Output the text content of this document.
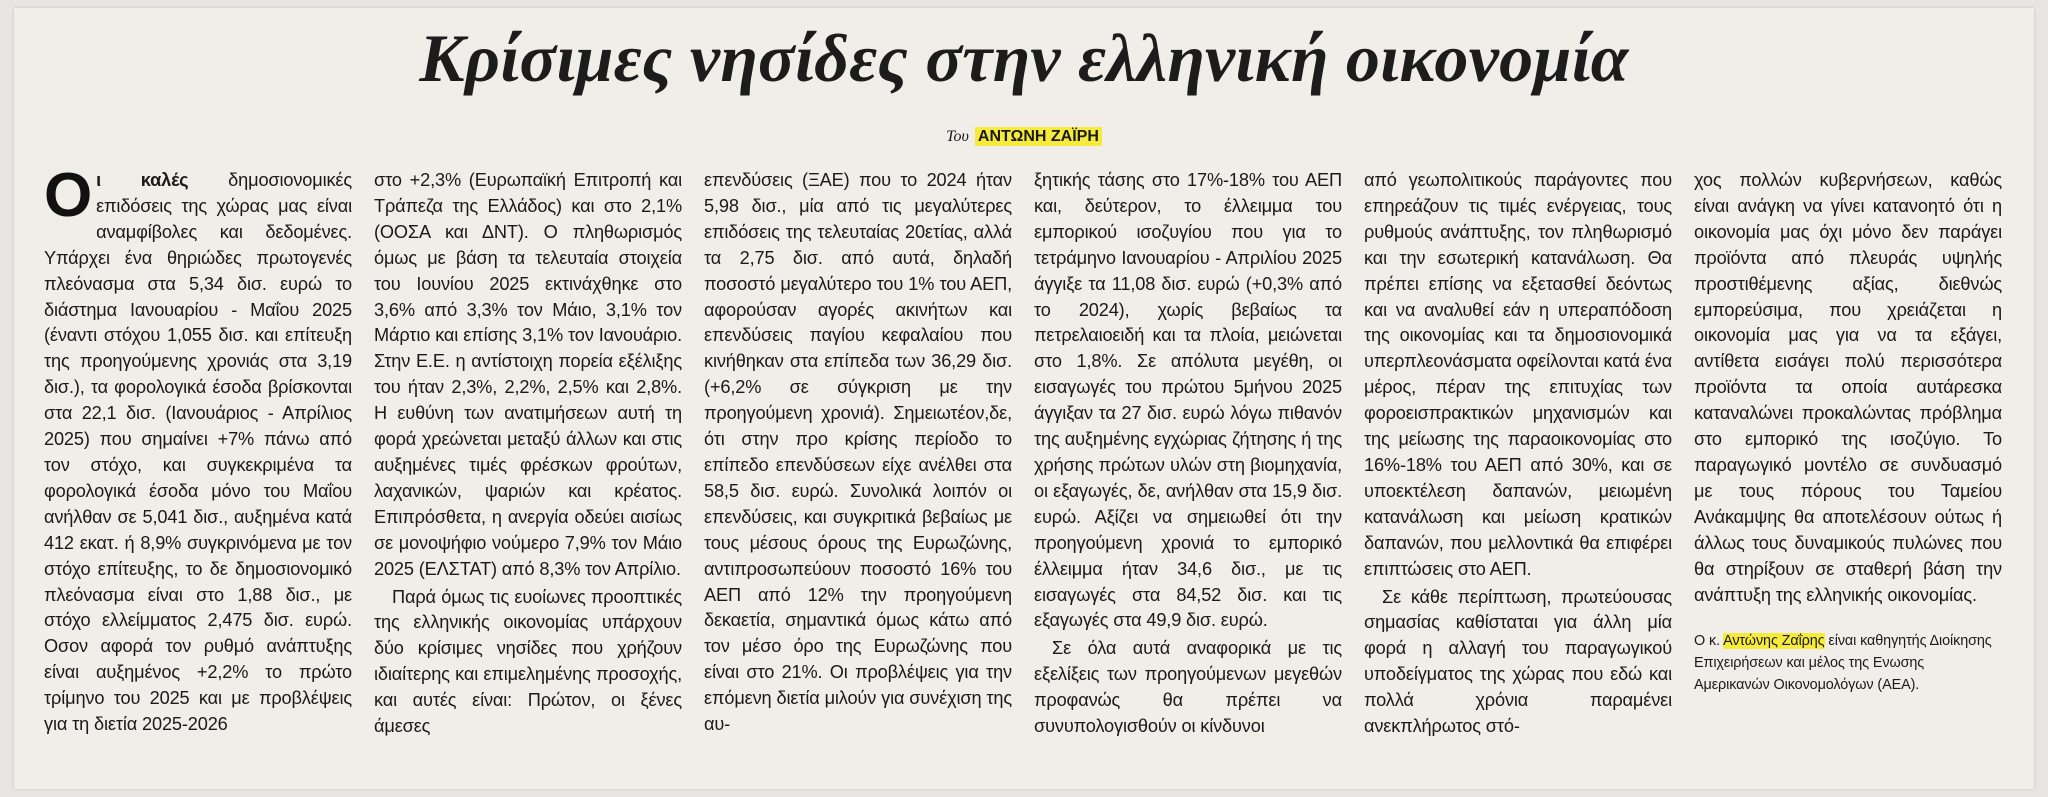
Κρίσιμες νησίδες στην ελληνική οικονομία
Του ΑΝΤΩΝΗ ΖΑΪΡΗ

Ο ι καλές δημοσιονομικές επιδόσεις της χώρας μας είναι αναμφίβολες και δεδομένες. Υπάρχει ένα θηριώδες πρωτογενές πλεόνασμα στα 5,34 δισ. ευρώ το διάστημα Ιανουαρίου - Μαΐου 2025 (έναντι στόχου 1,055 δισ. και επίτευξη της προηγούμενης χρονιάς στα 3,19 δισ.), τα φορολογικά έσοδα βρίσκονται στα 22,1 δισ. (Ιανουάριος - Απρίλιος 2025) που σημαίνει +7% πάνω από τον στόχο, και συγκεκριμένα τα φορολογικά έσοδα μόνο του Μαΐου ανήλθαν σε 5,041 δισ., αυξημένα κατά 412 εκατ. ή 8,9% συγκρινόμενα με τον στόχο επίτευξης, το δε δημοσιονομικό πλεόνασμα είναι στο 1,88 δισ., με στόχο ελλείμματος 2,475 δισ. ευρώ. Οσον αφορά τον ρυθμό ανάπτυξης είναι αυξημένος +2,2% το πρώτο τρίμηνο του 2025 και με προβλέψεις για τη διετία 2025-2026

στο +2,3% (Ευρωπαϊκή Επιτροπή και Τράπεζα της Ελλάδος) και στο 2,1% (ΟΟΣΑ και ΔΝΤ). Ο πληθωρισμός όμως με βάση τα τελευταία στοιχεία του Ιουνίου 2025 εκτινάχθηκε στο 3,6% από 3,3% τον Μάιο, 3,1% τον Μάρτιο και επίσης 3,1% τον Ιανουάριο. Στην Ε.Ε. η αντίστοιχη πορεία εξέλιξης του ήταν 2,3%, 2,2%, 2,5% και 2,8%. Η ευθύνη των ανατιμήσεων αυτή τη φορά χρεώνεται μεταξύ άλλων και στις αυξημένες τιμές φρέσκων φρούτων, λαχανικών, ψαριών και κρέατος. Επιπρόσθετα, η ανεργία οδεύει αισίως σε μονοψήφιο νούμερο 7,9% τον Μάιο 2025 (ΕΛΣΤΑΤ) από 8,3% τον Απρίλιο.

Παρά όμως τις ευοίωνες προοπτικές της ελληνικής οικονομίας υπάρχουν δύο κρίσιμες νησίδες που χρήζουν ιδιαίτερης και επιμελημένης προσοχής, και αυτές είναι: Πρώτον, οι ξένες άμεσες

επενδύσεις (ΞΑΕ) που το 2024 ήταν 5,98 δισ., μία από τις μεγαλύτερες επιδόσεις της τελευταίας 20ετίας, αλλά τα 2,75 δισ. από αυτά, δηλαδή ποσοστό μεγαλύτερο του 1% του ΑΕΠ, αφορούσαν αγορές ακινήτων και επενδύσεις παγίου κεφαλαίου που κινήθηκαν στα επίπεδα των 36,29 δισ. (+6,2% σε σύγκριση με την προηγούμενη χρονιά). Σημειωτέον,δε, ότι στην προ κρίσης περίοδο το επίπεδο επενδύσεων είχε ανέλθει στα 58,5 δισ. ευρώ. Συνολικά λοιπόν οι επενδύσεις, και συγκριτικά βεβαίως με τους μέσους όρους της Ευρωζώνης, αντιπροσωπεύουν ποσοστό 16% του ΑΕΠ από 12% την προηγούμενη δεκαετία, σημαντικά όμως κάτω από τον μέσο όρο της Ευρωζώνης που είναι στο 21%. Οι προβλέψεις για την επόμενη διετία μιλούν για συνέχιση της αυ-

ξητικής τάσης στο 17%-18% του ΑΕΠ και, δεύτερον, το έλλειμμα του εμπορικού ισοζυγίου που για το τετράμηνο Ιανουαρίου - Απριλίου 2025 άγγιξε τα 11,08 δισ. ευρώ (+0,3% από το 2024), χωρίς βεβαίως τα πετρελαιοειδή και τα πλοία, μειώνεται στο 1,8%. Σε απόλυτα μεγέθη, οι εισαγωγές του πρώτου 5μήνου 2025 άγγιξαν τα 27 δισ. ευρώ λόγω πιθανόν της αυξημένης εγχώριας ζήτησης ή της χρήσης πρώτων υλών στη βιομηχανία, οι εξαγωγές, δε, ανήλθαν στα 15,9 δισ. ευρώ. Αξίζει να σημειωθεί ότι την προηγούμενη χρονιά το εμπορικό έλλειμμα ήταν 34,6 δισ., με τις εισαγωγές στα 84,52 δισ. και τις εξαγωγές στα 49,9 δισ. ευρώ.

Σε όλα αυτά αναφορικά με τις εξελίξεις των προηγούμενων μεγεθών προφανώς θα πρέπει να συνυπολογισθούν οι κίνδυνοι

από γεωπολιτικούς παράγοντες που επηρεάζουν τις τιμές ενέργειας, τους ρυθμούς ανάπτυξης, τον πληθωρισμό και την εσωτερική κατανάλωση. Θα πρέπει επίσης να εξετασθεί δεόντως και να αναλυθεί εάν η υπεραπόδοση της οικονομίας και τα δημοσιονομικά υπερπλεονάσματα οφείλονται κατά ένα μέρος, πέραν της επιτυχίας των φοροεισπρακτικών μηχανισμών και της μείωσης της παραοικονομίας στο 16%-18% του ΑΕΠ από 30%, και σε υποεκτέλεση δαπανών, μειωμένη κατανάλωση και μείωση κρατικών δαπανών, που μελλοντικά θα επιφέρει επιπτώσεις στο ΑΕΠ.

Σε κάθε περίπτωση, πρωτεύουσας σημασίας καθίσταται για άλλη μία φορά η αλλαγή του παραγωγικού υποδείγματος της χώρας που εδώ και πολλά χρόνια παραμένει ανεκπλήρωτος στό-

χος πολλών κυβερνήσεων, καθώς είναι ανάγκη να γίνει κατανοητό ότι η οικονομία μας όχι μόνο δεν παράγει προϊόντα από πλευράς υψηλής προστιθέμενης αξίας, διεθνώς εμπορεύσιμα, που χρειάζεται η οικονομία μας για να τα εξάγει, αντίθετα εισάγει πολύ περισσότερα προϊόντα τα οποία αυτάρεσκα καταναλώνει προκαλώντας πρόβλημα στο εμπορικό της ισοζύγιο. Το παραγωγικό μοντέλο σε συνδυασμό με τους πόρους του Ταμείου Ανάκαμψης θα αποτελέσουν ούτως ή άλλως τους δυναμικούς πυλώνες που θα στηρίξουν σε σταθερή βάση την ανάπτυξη της ελληνικής οικονομίας.

Ο κ. Αντώνης Ζαΐρης είναι καθηγητής Διοίκησης Επιχειρήσεων και μέλος της Ενωσης Αμερικανών Οικονομολόγων (ΑΕΑ).
